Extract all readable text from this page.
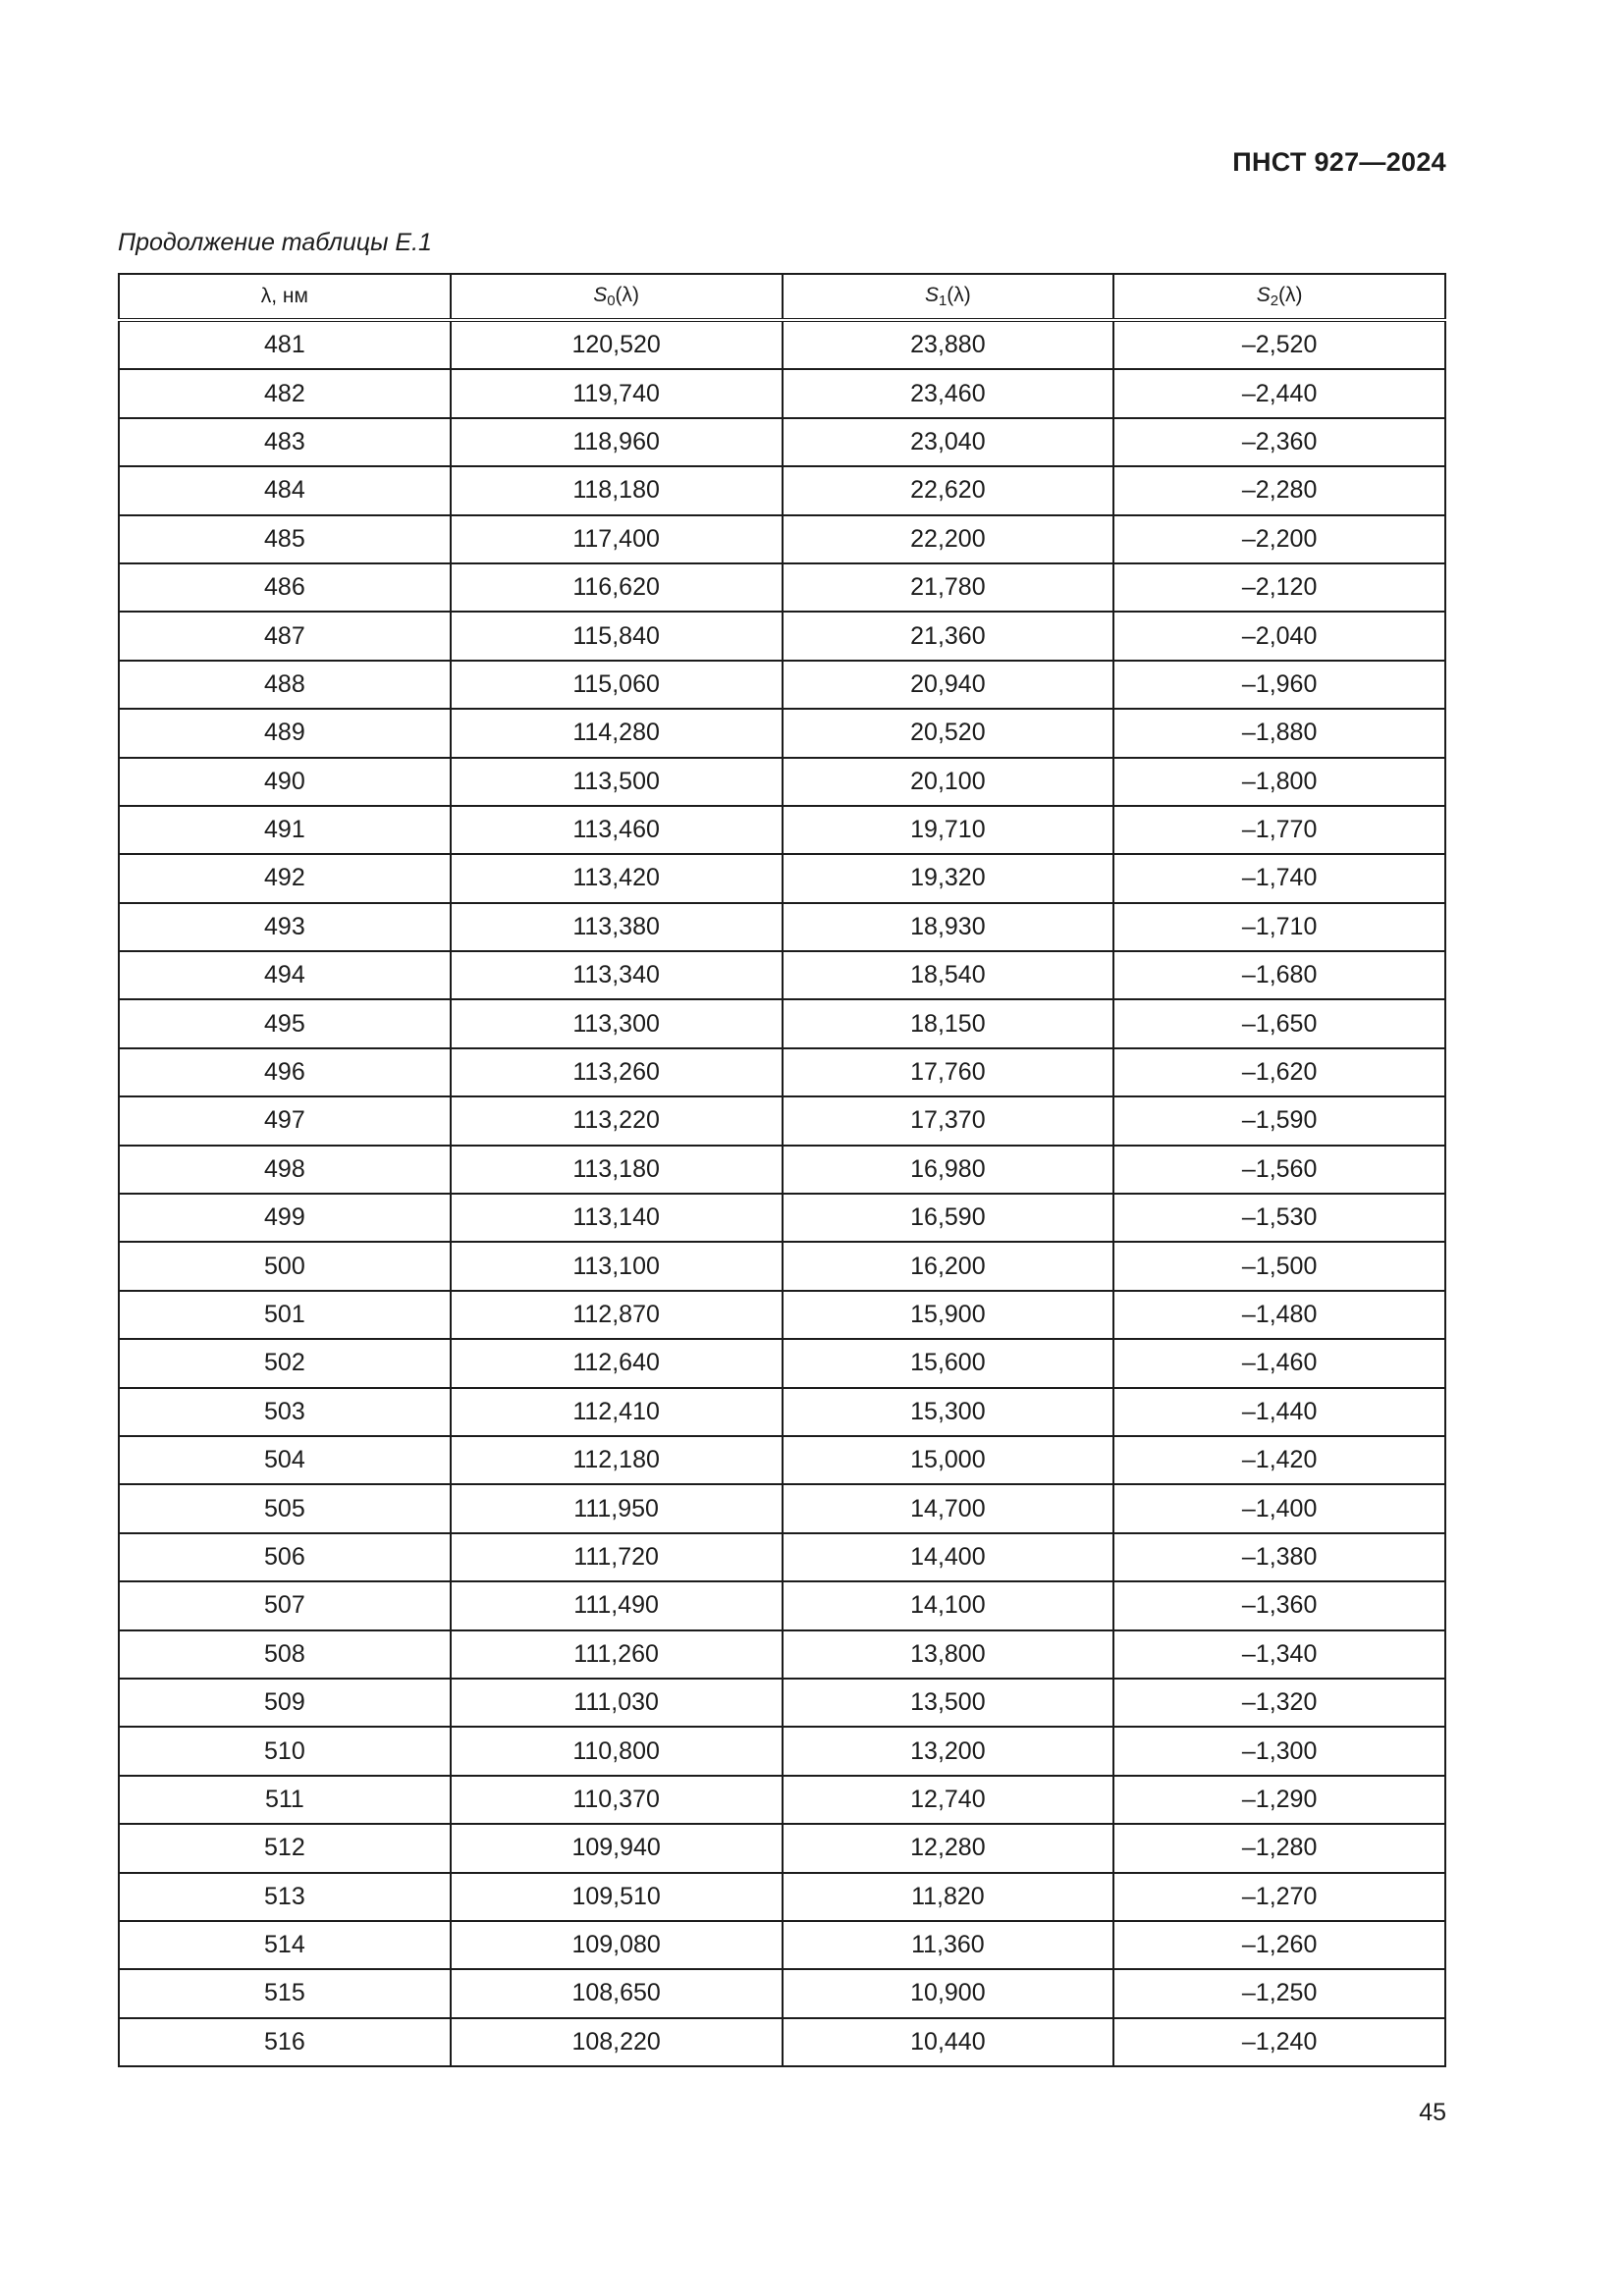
ПНСТ 927—2024
Продолжение таблицы Е.1
λ, нм	$S_0(\lambda)$	$S_1(\lambda)$	$S_2(\lambda)$
481	120,520	23,880	–2,520
482	119,740	23,460	–2,440
483	118,960	23,040	–2,360
484	118,180	22,620	–2,280
485	117,400	22,200	–2,200
486	116,620	21,780	–2,120
487	115,840	21,360	–2,040
488	115,060	20,940	–1,960
489	114,280	20,520	–1,880
490	113,500	20,100	–1,800
491	113,460	19,710	–1,770
492	113,420	19,320	–1,740
493	113,380	18,930	–1,710
494	113,340	18,540	–1,680
495	113,300	18,150	–1,650
496	113,260	17,760	–1,620
497	113,220	17,370	–1,590
498	113,180	16,980	–1,560
499	113,140	16,590	–1,530
500	113,100	16,200	–1,500
501	112,870	15,900	–1,480
502	112,640	15,600	–1,460
503	112,410	15,300	–1,440
504	112,180	15,000	–1,420
505	111,950	14,700	–1,400
506	111,720	14,400	–1,380
507	111,490	14,100	–1,360
508	111,260	13,800	–1,340
509	111,030	13,500	–1,320
510	110,800	13,200	–1,300
511	110,370	12,740	–1,290
512	109,940	12,280	–1,280
513	109,510	11,820	–1,270
514	109,080	11,360	–1,260
515	108,650	10,900	–1,250
516	108,220	10,440	–1,240
45
